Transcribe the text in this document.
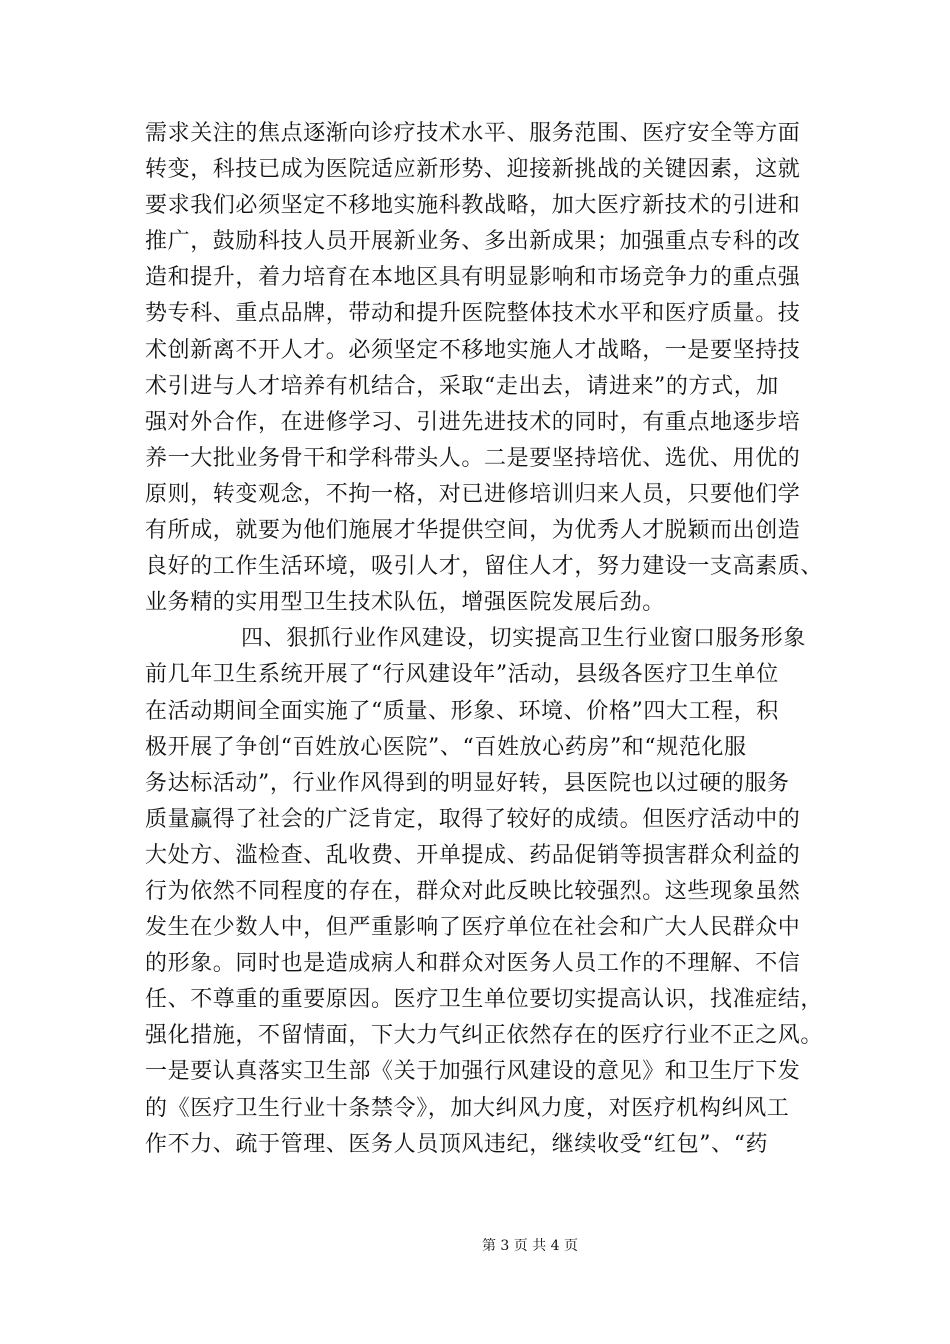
需求关注的焦点逐渐向诊疗技术水平、服务范围、医疗安全等方面
转变，科技已成为医院适应新形势、迎接新挑战的关键因素，这就
要求我们必须坚定不移地实施科教战略，加大医疗新技术的引进和
推广，鼓励科技人员开展新业务、多出新成果；加强重点专科的改
造和提升，着力培育在本地区具有明显影响和市场竞争力的重点强
势专科、重点品牌，带动和提升医院整体技术水平和医疗质量。技
术创新离不开人才。必须坚定不移地实施人才战略，一是要坚持技
术引进与人才培养有机结合，采取“走出去，请进来”的方式，加
强对外合作，在进修学习、引进先进技术的同时，有重点地逐步培
养一大批业务骨干和学科带头人。二是要坚持培优、选优、用优的
原则，转变观念，不拘一格，对已进修培训归来人员，只要他们学
有所成，就要为他们施展才华提供空间，为优秀人才脱颖而出创造
良好的工作生活环境，吸引人才，留住人才，努力建设一支高素质、
业务精的实用型卫生技术队伍，增强医院发展后劲。
四、狠抓行业作风建设，切实提高卫生行业窗口服务形象
前几年卫生系统开展了“行风建设年”活动，县级各医疗卫生单位
在活动期间全面实施了“质量、形象、环境、价格”四大工程，积
极开展了争创“百姓放心医院”、“百姓放心药房”和“规范化服
务达标活动”，行业作风得到的明显好转，县医院也以过硬的服务
质量赢得了社会的广泛肯定，取得了较好的成绩。但医疗活动中的
大处方、滥检查、乱收费、开单提成、药品促销等损害群众利益的
行为依然不同程度的存在，群众对此反映比较强烈。这些现象虽然
发生在少数人中，但严重影响了医疗单位在社会和广大人民群众中
的形象。同时也是造成病人和群众对医务人员工作的不理解、不信
任、不尊重的重要原因。医疗卫生单位要切实提高认识，找准症结，
强化措施，不留情面，下大力气纠正依然存在的医疗行业不正之风。
一是要认真落实卫生部《关于加强行风建设的意见》和卫生厅下发
的《医疗卫生行业十条禁令》，加大纠风力度，对医疗机构纠风工
作不力、疏于管理、医务人员顶风违纪，继续收受“红包”、“药
第 3 页 共 4 页
